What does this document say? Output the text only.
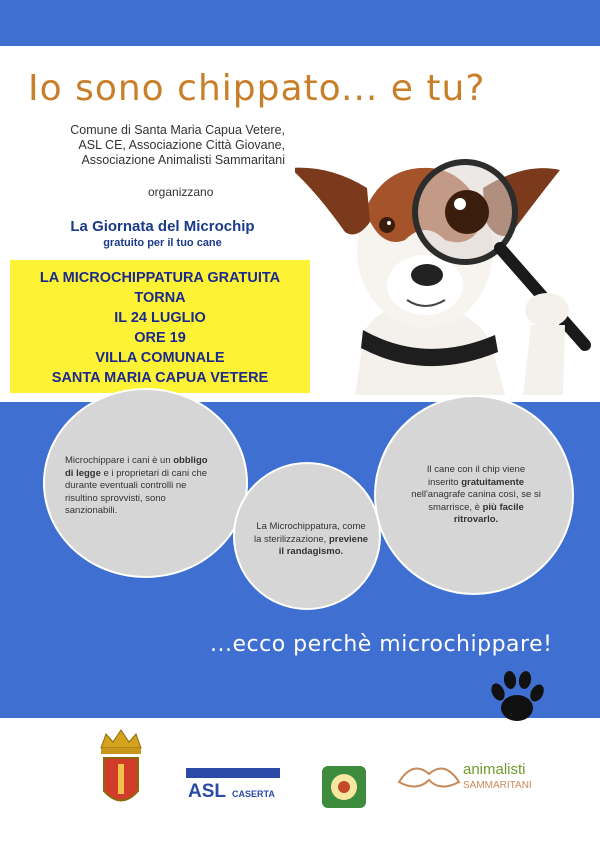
Io sono chippato... e tu?
Comune di Santa Maria Capua Vetere,
ASL CE, Associazione Città Giovane,
Associazione Animalisti Sammaritani
organizzano
La Giornata del Microchip
gratuito per il tuo cane
LA MICROCHIPPATURA GRATUITA
TORNA
IL 24 LUGLIO
ORE 19
VILLA COMUNALE
SANTA MARIA CAPUA VETERE
Microchippare i cani è un obbligo di legge e i proprietari di cani che durante eventuali controlli ne risultino sprovvisti, sono sanzionabili.
Il cane con il chip viene inserito gratuitamente nell'anagrafe canina così, se si smarrisce, è più facile ritrovarlo.
La Microchippatura, come la sterilizzazione, previene il randagismo.
...ecco perchè microchippare!
ASL CASERTA
animalisti
SAMMARITANI
